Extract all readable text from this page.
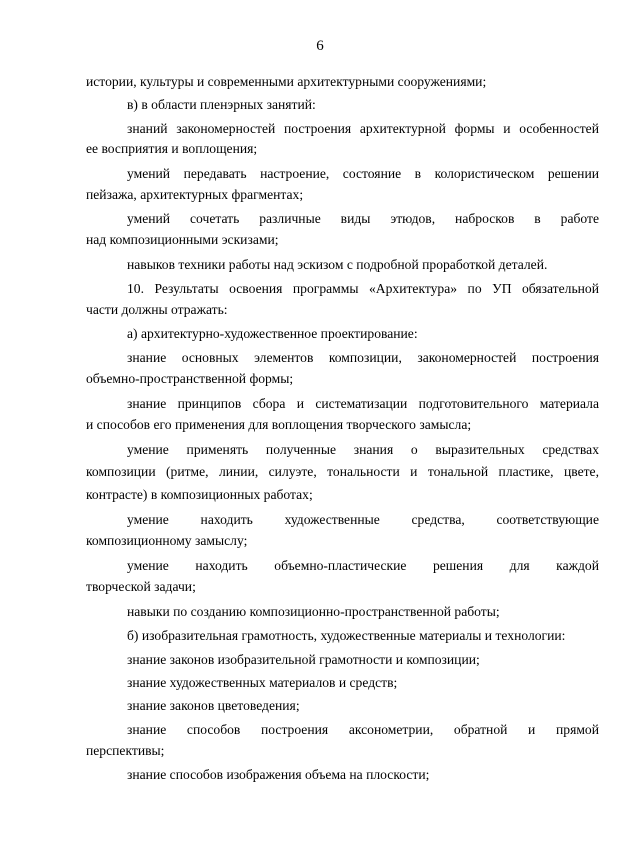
6
истории, культуры и современными архитектурными сооружениями;
в) в области пленэрных занятий:
знаний закономерностей построения архитектурной формы и особенностей
ее восприятия и воплощения;
умений передавать настроение, состояние в колористическом решении
пейзажа, архитектурных фрагментах;
умений сочетать различные виды этюдов, набросков в работе
над композиционными эскизами;
навыков техники работы над эскизом с подробной проработкой деталей.
10. Результаты освоения программы «Архитектура» по УП обязательной
части должны отражать:
а) архитектурно-художественное проектирование:
знание основных элементов композиции, закономерностей построения
объемно-пространственной формы;
знание принципов сбора и систематизации подготовительного материала
и способов его применения для воплощения творческого замысла;
умение применять полученные знания о выразительных средствах
композиции (ритме, линии, силуэте, тональности и тональной пластике, цвете,
контрасте) в композиционных работах;
умение находить художественные средства, соответствующие
композиционному замыслу;
умение находить объемно-пластические решения для каждой
творческой задачи;
навыки по созданию композиционно-пространственной работы;
б) изобразительная грамотность, художественные материалы и технологии:
знание законов изобразительной грамотности и композиции;
знание художественных материалов и средств;
знание законов цветоведения;
знание способов построения аксонометрии, обратной и прямой
перспективы;
знание способов изображения объема на плоскости;
